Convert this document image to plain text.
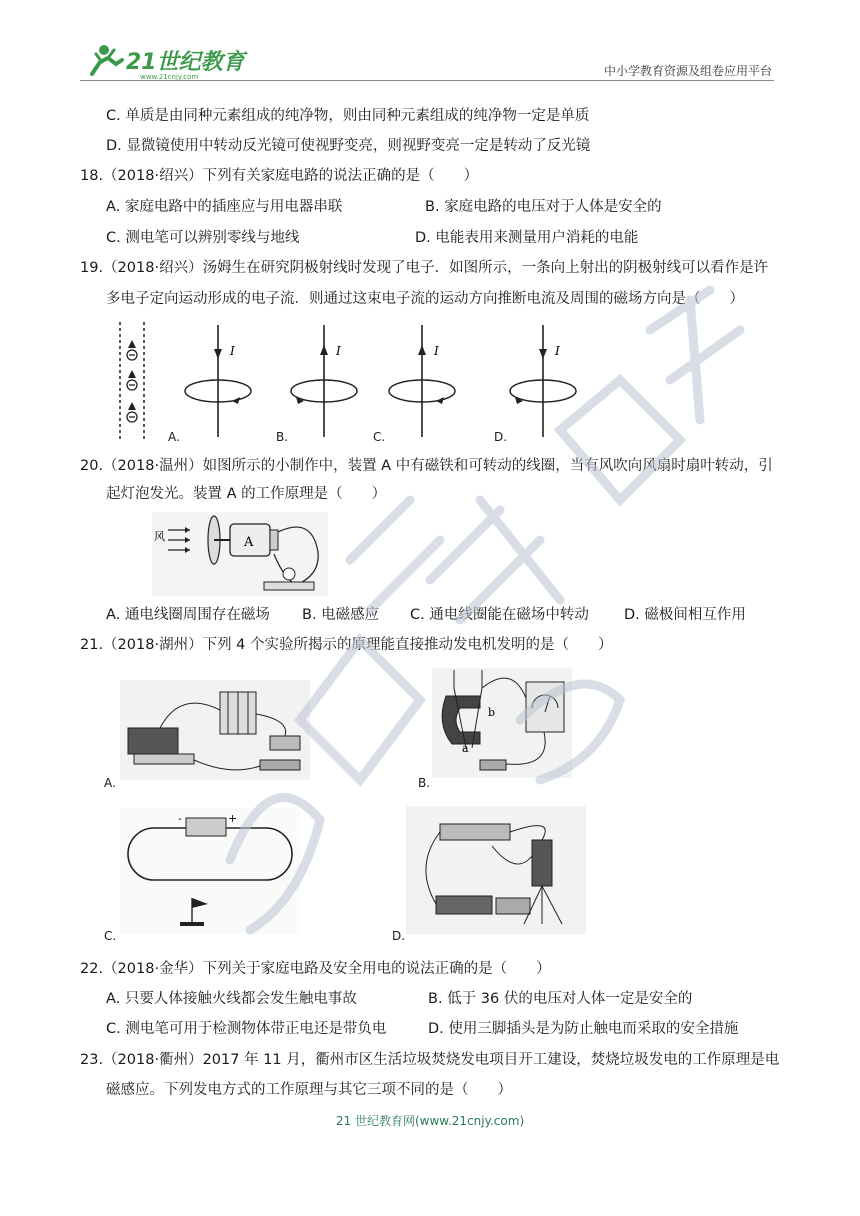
21世纪教育
www.21cnjy.com	中小学教育资源及组卷应用平台
C. 单质是由同种元素组成的纯净物，则由同种元素组成的纯净物一定是单质
D. 显微镜使用中转动反光镜可使视野变亮，则视野变亮一定是转动了反光镜
18.（2018·绍兴）下列有关家庭电路的说法正确的是（　　）
A. 家庭电路中的插座应与用电器串联	B. 家庭电路的电压对于人体是安全的
C. 测电笔可以辨别零线与地线	D. 电能表用来测量用户消耗的电能
19.（2018·绍兴）汤姆生在研究阴极射线时发现了电子．如图所示，一条向上射出的阴极射线可以看作是许
多电子定向运动形成的电子流．则通过这束电子流的运动方向推断电流及周围的磁场方向是（　　）
I	I	I	I
A.	B.	C.	D.
20.（2018·温州）如图所示的小制作中，装置 A 中有磁铁和可转动的线圈，当有风吹向风扇时扇叶转动，引
起灯泡发光。装置 A 的工作原理是（　　）
风	A
A. 通电线圈周围存在磁场 B. 电磁感应 C. 通电线圈能在磁场中转动 D. 磁极间相互作用
21.（2018·湖州）下列 4 个实验所揭示的原理能直接推动发电机发明的是（　　）
A.
b
a
B.
-	+
C.	D.
22.（2018·金华）下列关于家庭电路及安全用电的说法正确的是（　　）
A. 只要人体接触火线都会发生触电事故	B. 低于 36 伏的电压对人体一定是安全的
C. 测电笔可用于检测物体带正电还是带负电	D. 使用三脚插头是为防止触电而采取的安全措施
23.（2018·衢州）2017 年 11 月，衢州市区生活垃圾焚烧发电项目开工建设，焚烧垃圾发电的工作原理是电
磁感应。下列发电方式的工作原理与其它三项不同的是（　　）
21 世纪教育网(www.21cnjy.com)
